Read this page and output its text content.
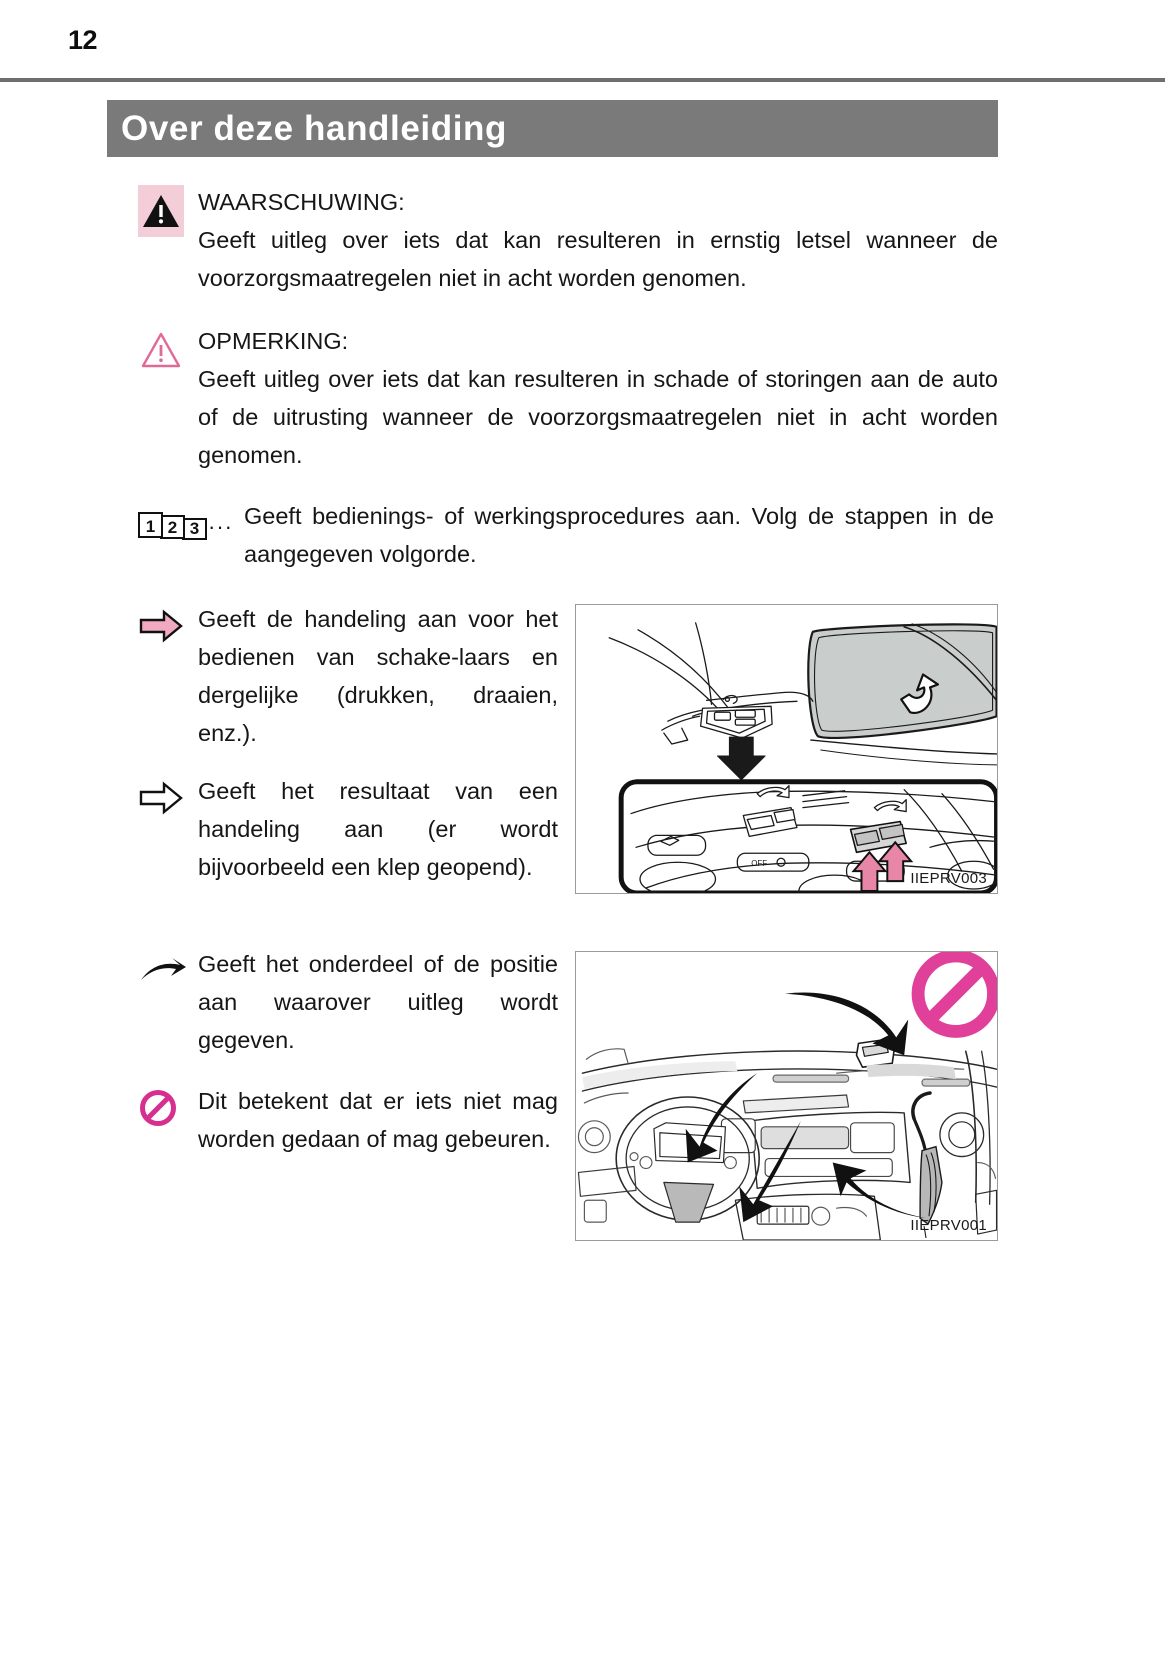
12
Over deze handleiding
WAARSCHUWING:
Geeft uitleg over iets dat kan resulteren in ernstig letsel wanneer de voorzorgsmaatregelen niet in acht worden genomen.
OPMERKING:
Geeft uitleg over iets dat kan resulteren in schade of storingen aan de auto of de uitrusting wanneer de voorzorgsmaatregelen niet in acht worden genomen.
3
2
1	··· Geeft bedienings- of werkingsprocedures aan. Volg de stappen in de aangegeven volgorde.
Geeft de handeling aan voor het bedienen van schake-laars en dergelijke (drukken, draaien, enz.).
Geeft het resultaat van een handeling aan (er wordt bijvoorbeeld een klep geopend).
Geeft het onderdeel of de positie aan waarover uitleg wordt gegeven.
Dit betekent dat er iets niet mag worden gedaan of mag gebeuren.
OFF
IIEPRV003
IIEPRV001
